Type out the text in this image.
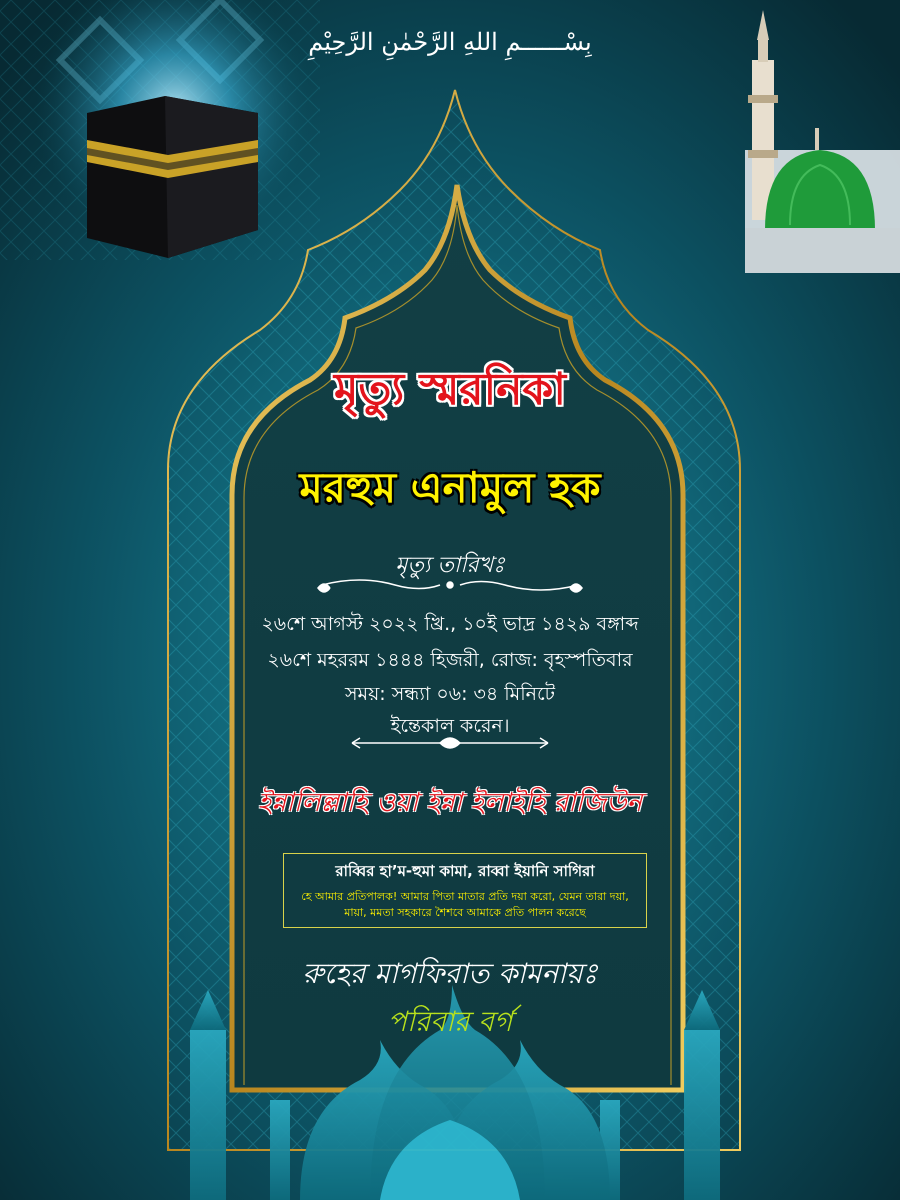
بِسْــــــمِ اللهِ الرَّحْمٰنِ الرَّحِيْمِ
মৃত্যু স্মরনিকা
মরহুম এনামুল হক
মৃত্যু তারিখঃ
২৬শে আগস্ট ২০২২ খ্রি., ১০ই ভাদ্র ১৪২৯ বঙ্গাব্দ
২৬শে মহররম ১৪৪৪ হিজরী, রোজ: বৃহস্পতিবার
সময়: সন্ধ্যা ০৬: ৩৪ মিনিটে
ইন্তেকাল করেন।
ইন্নালিল্লাহি ওয়া ইন্না ইলাইহি রাজিউন
রাব্বির হা’ম-হুমা কামা, রাব্বা ইয়ানি সাগিরা
হে আমার প্রতিপালক! আমার পিতা মাতার প্রতি দয়া করো, যেমন তারা দয়া, মায়া, মমতা সহকারে শৈশবে আমাকে প্রতি পালন করেছে
রুহের মাগফিরাত কামনায়ঃ
পরিবার বর্গ
